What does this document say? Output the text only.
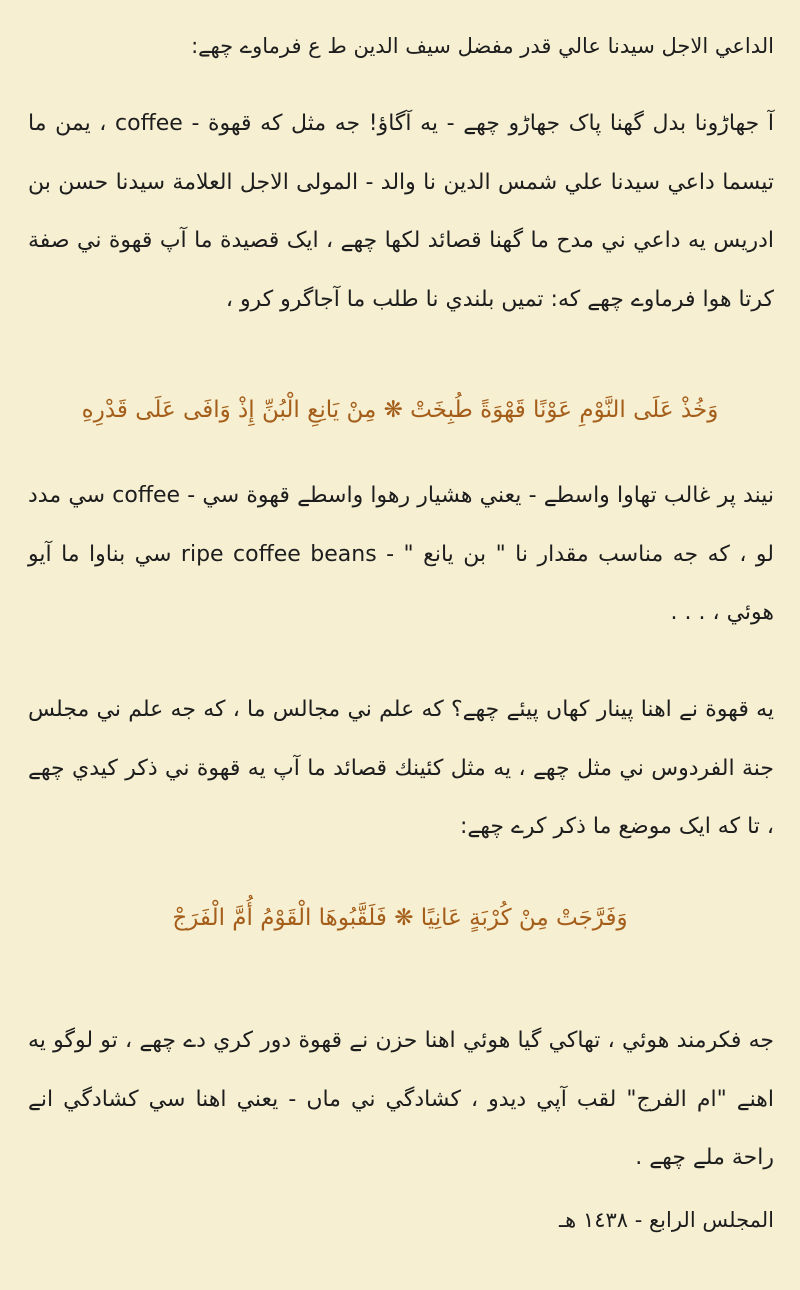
الداعي الاجل سيدنا عالي قدر مفضل سيف الدين ط ع فرماوے چھے:
آ جهاڑونا بدل گهنا پاک جهاڑو چھے - يه آگاؤ! جه مثل كه قهوة - coffee ، يمن ما تيسما داعي سيدنا علي شمس الدين نا والد - المولى الاجل العلامة سيدنا حسن بن ادريس يه داعي ني مدح ما گهنا قصائد لكها چھے ، ايک قصيدة ما آپ قهوة ني صفة كرتا هوا فرماوے چھے كه: تميں بلندي نا طلب ما آجاگرو كرو ،
وَخُذْ عَلَى النَّوْمِ عَوْنًا قَهْوَةً طُبِخَتْ ❋ مِنْ يَانِعِ الْبُنِّ إِذْ وَافَى عَلَى قَدْرِهِ
نيند پر غالب تهاوا واسطے - يعني هشيار رهوا واسطے قهوة سي - coffee سي مدد لو ، كه جه مناسب مقدار نا " بن يانع " - ripe coffee beans سي بناوا ما آيو هوئي ، . . .
يه قهوة نے اهنا پينار كهاں پيئے چھے؟ كه علم ني مجالس ما ، كه جه علم ني مجلس جنة الفردوس ني مثل چھے ، يه مثل كئينك قصائد ما آپ يه قهوة ني ذكر كيدي چھے ، تا كه ايک موضع ما ذكر كرے چھے:
وَفَرَّجَتْ مِنْ كُرْبَةٍ عَانِيًا ❋ فَلَقَّبُوهَا الْقَوْمُ أُمَّ الْفَرَجْ
جه فكرمند هوئي ، تهاكي گيا هوئي اهنا حزن نے قهوة دور كري دے چھے ، تو لوگو يه اهنے "ام الفرج" لقب آپي ديدو ، كشادگي ني ماں - يعني اهنا سي كشادگي انے راحة ملے چھے .
المجلس الرابع - ١٤٣٨ هـ
